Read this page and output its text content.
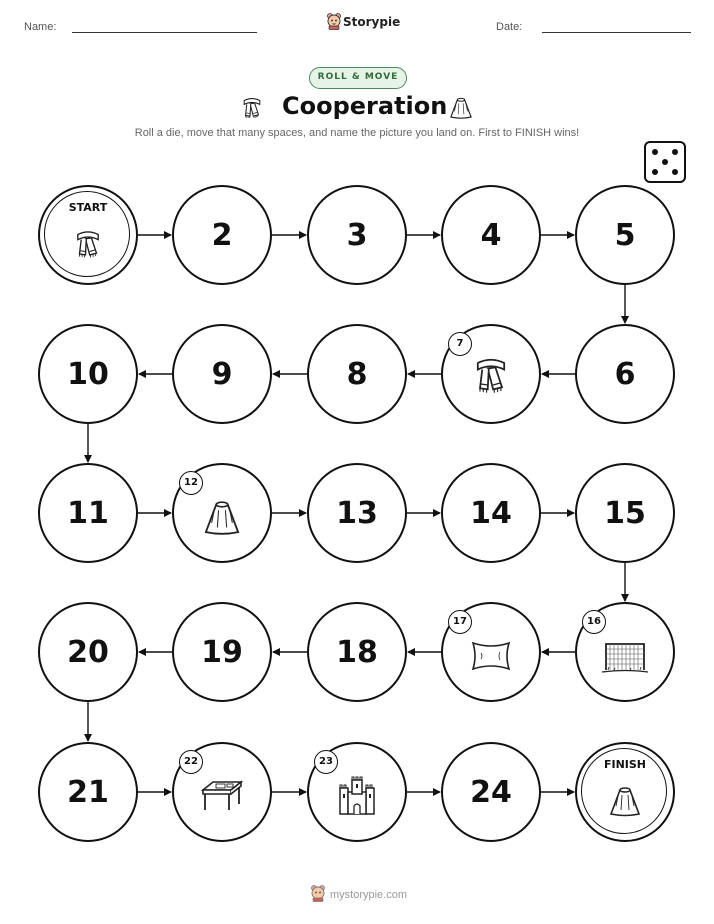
Name:	Storypie	Date:
ROLL & MOVE
Cooperation
Roll a die, move that many spaces, and name the picture you land on. First to FINISH wins!
START
2	3	4	5
6
7
8
9
10
11
12
13	14	15
16
17
18
19
20
21
22	23
24
FINISH
mystorypie.com
